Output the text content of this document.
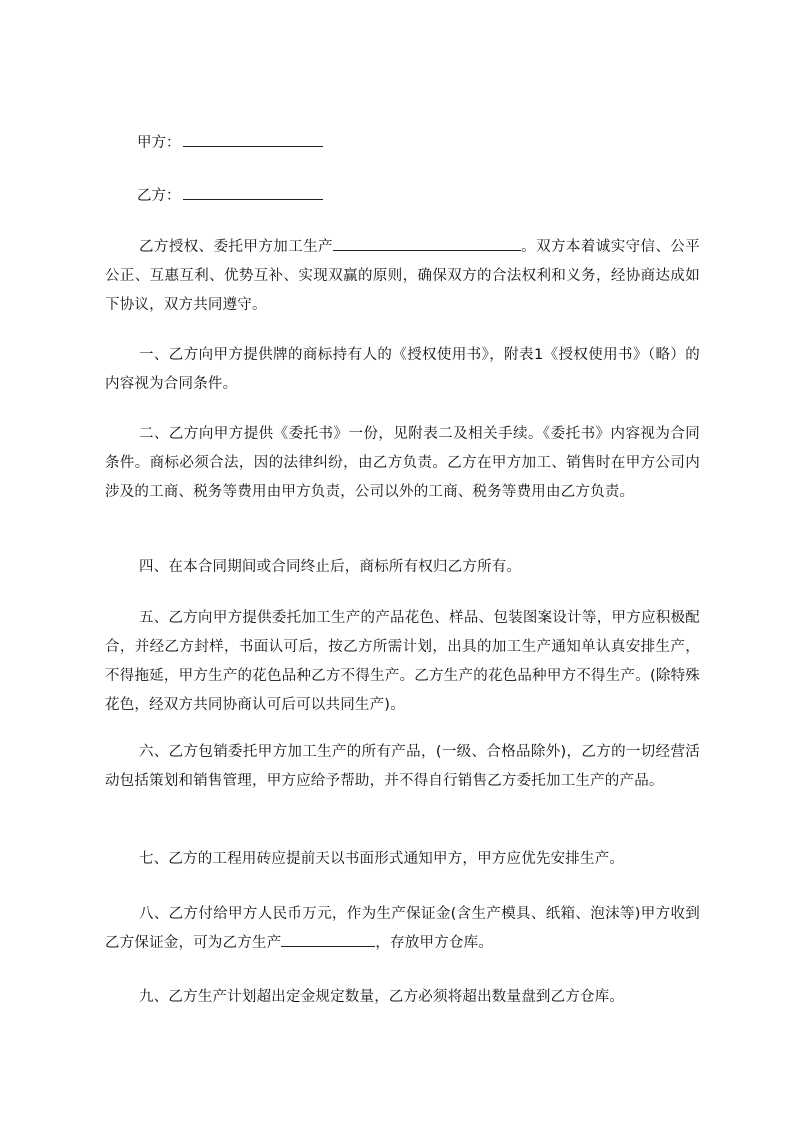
甲方：
乙方：
乙方授权、委托甲方加工生产	。双方本着诚实守信、公平公正、互惠互利、优势互补、实现双赢的原则，确保双方的合法权利和义务，经协商达成如下协议，双方共同遵守。
一、乙方向甲方提供牌的商标持有人的《授权使用书》，附表1《授权使用书》（略）的内容视为合同条件。
二、乙方向甲方提供《委托书》一份，见附表二及相关手续。《委托书》内容视为合同条件。商标必须合法，因的法律纠纷，由乙方负责。乙方在甲方加工、销售时在甲方公司内涉及的工商、税务等费用由甲方负责，公司以外的工商、税务等费用由乙方负责。
四、在本合同期间或合同终止后，商标所有权归乙方所有。
五、乙方向甲方提供委托加工生产的产品花色、样品、包装图案设计等，甲方应积极配合，并经乙方封样，书面认可后，按乙方所需计划，出具的加工生产通知单认真安排生产，不得拖延，甲方生产的花色品种乙方不得生产。乙方生产的花色品种甲方不得生产。(除特殊花色，经双方共同协商认可后可以共同生产)。
六、乙方包销委托甲方加工生产的所有产品，(一级、合格品除外)，乙方的一切经营活动包括策划和销售管理，甲方应给予帮助，并不得自行销售乙方委托加工生产的产品。
七、乙方的工程用砖应提前天以书面形式通知甲方，甲方应优先安排生产。
八、乙方付给甲方人民币万元，作为生产保证金(含生产模具、纸箱、泡沫等)甲方收到乙方保证金，可为乙方生产	，存放甲方仓库。
九、乙方生产计划超出定金规定数量，乙方必须将超出数量盘到乙方仓库。
